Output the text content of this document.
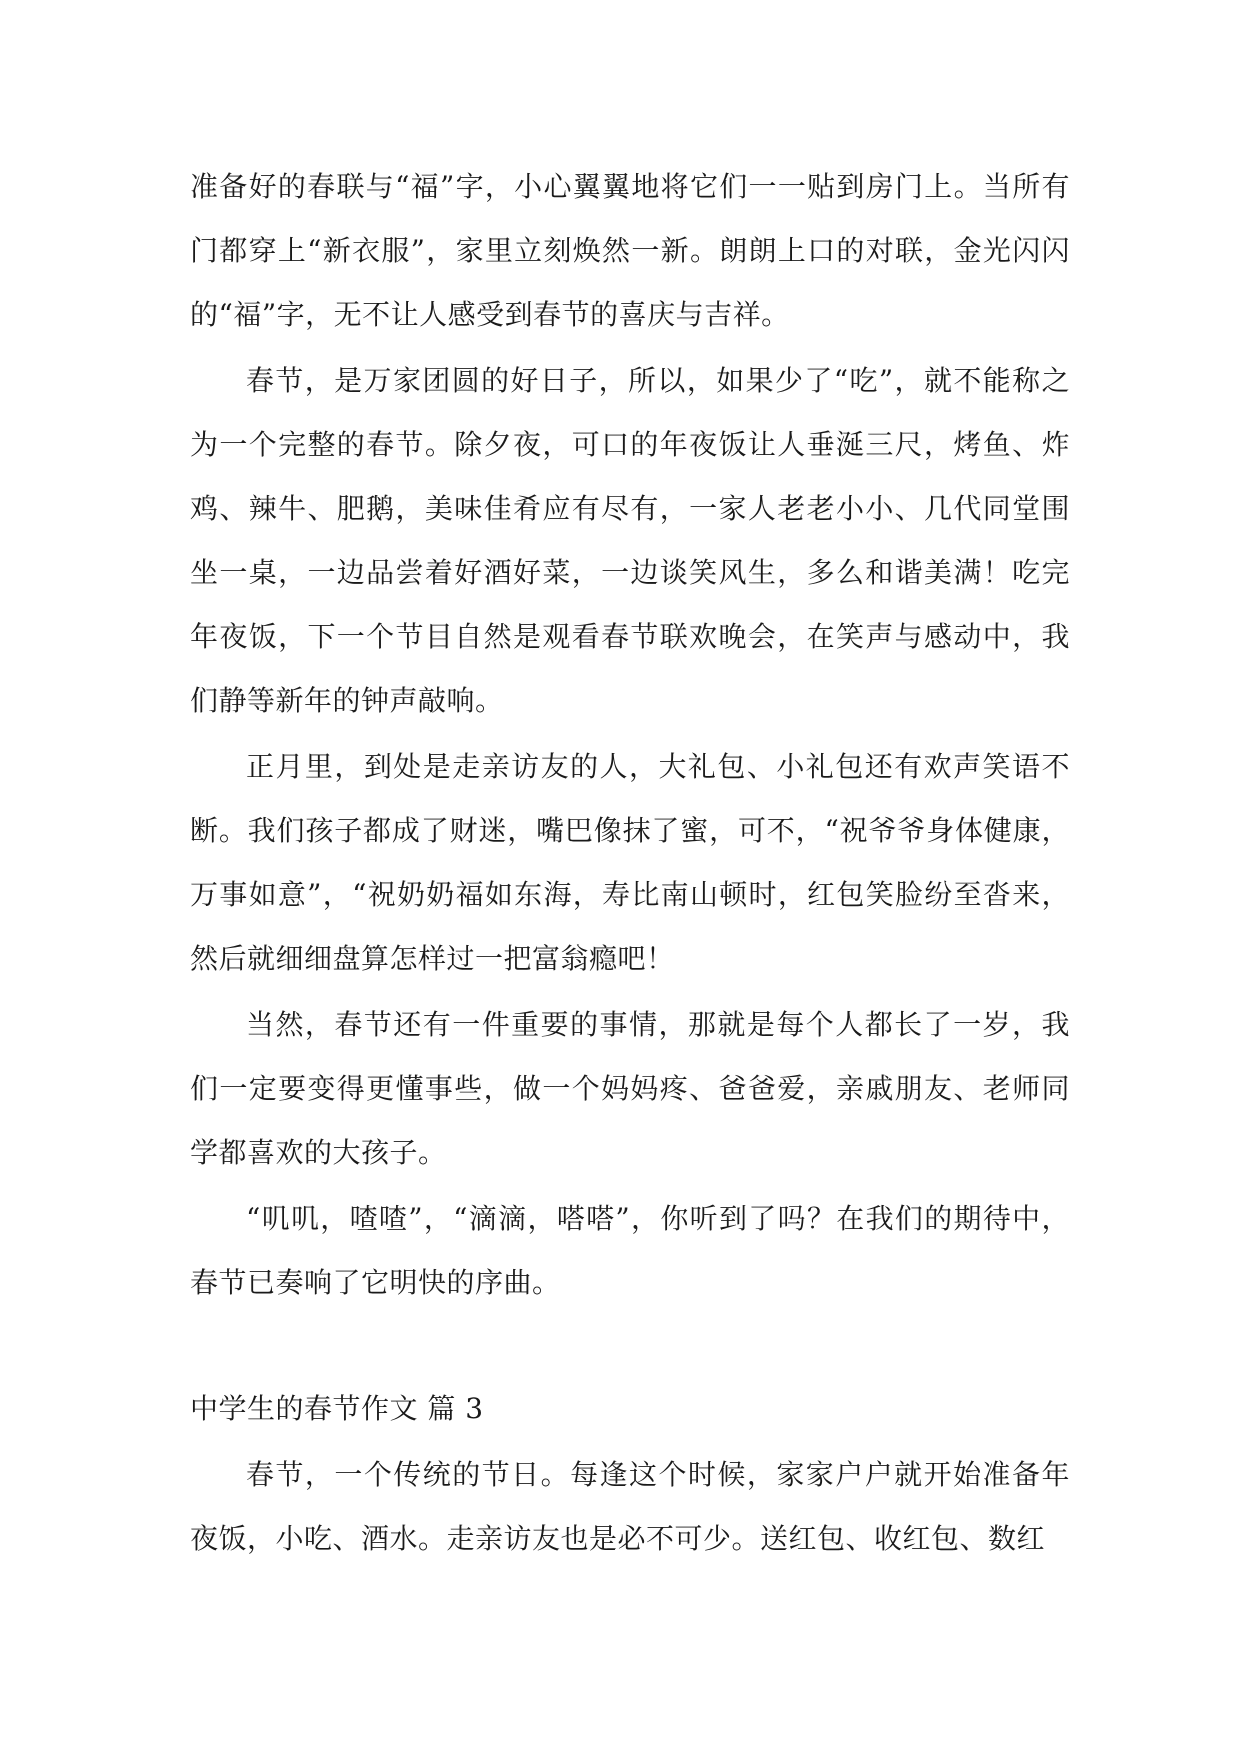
准备好的春联与“福”字，小心翼翼地将它们一一贴到房门上。当所有门都穿上“新衣服”，家里立刻焕然一新。朗朗上口的对联，金光闪闪的“福”字，无不让人感受到春节的喜庆与吉祥。

春节，是万家团圆的好日子，所以，如果少了“吃”，就不能称之为一个完整的春节。除夕夜，可口的年夜饭让人垂涎三尺，烤鱼、炸鸡、辣牛、肥鹅，美味佳肴应有尽有，一家人老老小小、几代同堂围坐一桌，一边品尝着好酒好菜，一边谈笑风生，多么和谐美满！吃完年夜饭，下一个节目自然是观看春节联欢晚会，在笑声与感动中，我们静等新年的钟声敲响。

正月里，到处是走亲访友的人，大礼包、小礼包还有欢声笑语不断。我们孩子都成了财迷，嘴巴像抹了蜜，可不，“祝爷爷身体健康，万事如意”，“祝奶奶福如东海，寿比南山顿时，红包笑脸纷至沓来，然后就细细盘算怎样过一把富翁瘾吧！

当然，春节还有一件重要的事情，那就是每个人都长了一岁，我们一定要变得更懂事些，做一个妈妈疼、爸爸爱，亲戚朋友、老师同学都喜欢的大孩子。

“叽叽，喳喳”，“滴滴，嗒嗒”，你听到了吗？在我们的期待中，春节已奏响了它明快的序曲。

中学生的春节作文 篇 3

春节，一个传统的节日。每逢这个时候，家家户户就开始准备年夜饭，小吃、酒水。走亲访友也是必不可少。送红包、收红包、数红
